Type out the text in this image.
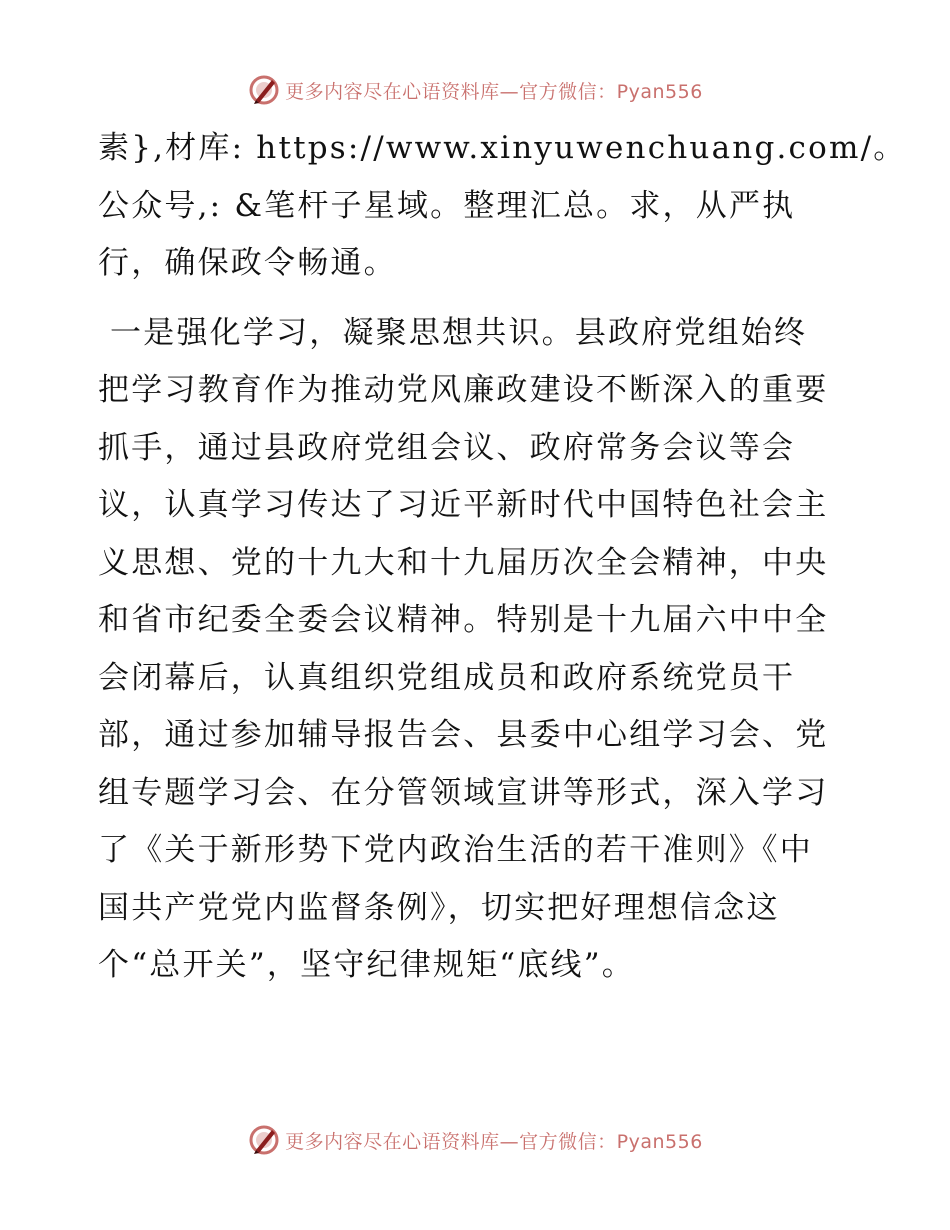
更多内容尽在心语资料库—官方微信：Pyan556
素},材库: https://www.xinyuwenchuang.com/。
公众号,: &笔杆子星域。整理汇总。求，从严执
行，确保政令畅通。
一是强化学习，凝聚思想共识。县政府党组始终
把学习教育作为推动党风廉政建设不断深入的重要
抓手，通过县政府党组会议、政府常务会议等会
议，认真学习传达了习近平新时代中国特色社会主
义思想、党的十九大和十九届历次全会精神，中央
和省市纪委全委会议精神。特别是十九届六中中全
会闭幕后，认真组织党组成员和政府系统党员干
部，通过参加辅导报告会、县委中心组学习会、党
组专题学习会、在分管领域宣讲等形式，深入学习
了《关于新形势下党内政治生活的若干准则》《中
国共产党党内监督条例》，切实把好理想信念这
个“总开关”，坚守纪律规矩“底线”。
更多内容尽在心语资料库—官方微信：Pyan556
